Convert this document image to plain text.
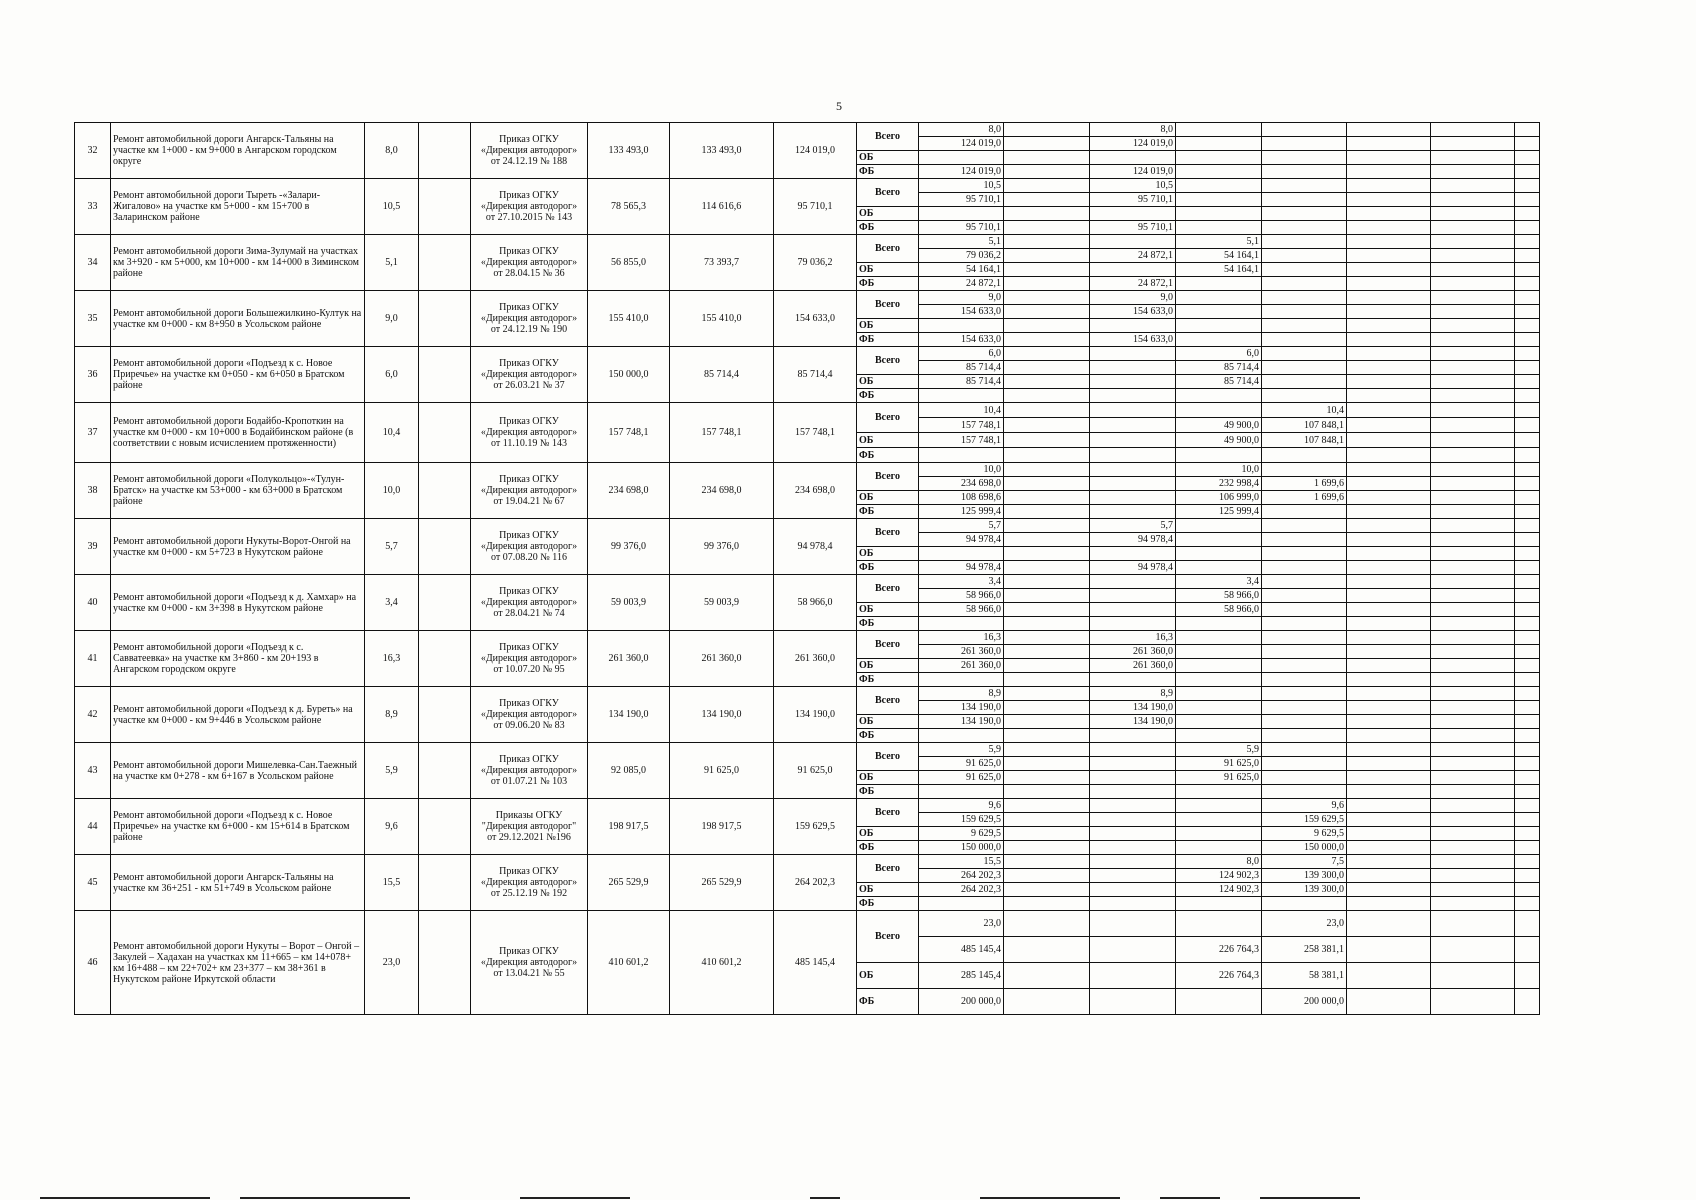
5
32	Ремонт автомобильной дороги Ангарск-Тальяны на участке км 1+000 - км 9+000 в Ангарском городском округе	8,0		Приказ ОГКУ
«Дирекция автодорог»
от 24.12.19 № 188	133 493,0	133 493,0	124 019,0	Всего	8,0		8,0					
									124 019,0		124 019,0					
								ОБ								
								ФБ	124 019,0		124 019,0					
33	Ремонт автомобильной дороги Тыреть -«Залари-Жигалово» на участке км 5+000 - км 15+700 в Заларинском районе	10,5		Приказ ОГКУ
«Дирекция автодорог»
от 27.10.2015 № 143	78 565,3	114 616,6	95 710,1	Всего	10,5		10,5					
									95 710,1		95 710,1					
								ОБ								
								ФБ	95 710,1		95 710,1					
34	Ремонт автомобильной дороги Зима-Зулумай на участках км 3+920 - км 5+000, км 10+000 - км 14+000 в Зиминском районе	5,1		Приказ ОГКУ
«Дирекция автодорог»
от 28.04.15 № 36	56 855,0	73 393,7	79 036,2	Всего	5,1			5,1				
									79 036,2		24 872,1	54 164,1				
								ОБ	54 164,1			54 164,1				
								ФБ	24 872,1		24 872,1					
35	Ремонт автомобильной дороги Большежилкино-Култук на участке км 0+000 - км 8+950 в Усольском районе	9,0		Приказ ОГКУ
«Дирекция автодорог»
от 24.12.19 № 190	155 410,0	155 410,0	154 633,0	Всего	9,0		9,0					
									154 633,0		154 633,0					
								ОБ								
								ФБ	154 633,0		154 633,0					
36	Ремонт автомобильной дороги «Подъезд к с. Новое Приречье» на участке км 0+050 - км 6+050 в Братском районе	6,0		Приказ ОГКУ
«Дирекция автодорог»
от 26.03.21 № 37	150 000,0	85 714,4	85 714,4	Всего	6,0			6,0				
									85 714,4			85 714,4				
								ОБ	85 714,4			85 714,4				
								ФБ								
37	Ремонт автомобильной дороги Бодайбо-Кропоткин на участке км 0+000 - км 10+000 в Бодайбинском районе (в соответствии с новым исчислением протяженности)	10,4		Приказ ОГКУ
«Дирекция автодорог»
от 11.10.19 № 143	157 748,1	157 748,1	157 748,1	Всего	10,4				10,4			
									157 748,1			49 900,0	107 848,1			
								ОБ	157 748,1			49 900,0	107 848,1			
								ФБ								
38	Ремонт автомобильной дороги «Полукольцо»-«Тулун-Братск» на участке км 53+000 - км 63+000 в Братском районе	10,0		Приказ ОГКУ
«Дирекция автодорог»
от 19.04.21 № 67	234 698,0	234 698,0	234 698,0	Всего	10,0			10,0				
									234 698,0			232 998,4	1 699,6			
								ОБ	108 698,6			106 999,0	1 699,6			
								ФБ	125 999,4			125 999,4				
39	Ремонт автомобильной дороги Нукуты-Ворот-Онгой на участке км 0+000 - км 5+723 в Нукутском районе	5,7		Приказ ОГКУ
«Дирекция автодорог»
от 07.08.20 № 116	99 376,0	99 376,0	94 978,4	Всего	5,7		5,7					
									94 978,4		94 978,4					
								ОБ								
								ФБ	94 978,4		94 978,4					
40	Ремонт автомобильной дороги «Подъезд к д. Хамхар» на участке км 0+000 - км 3+398 в Нукутском районе	3,4		Приказ ОГКУ
«Дирекция автодорог»
от 28.04.21 № 74	59 003,9	59 003,9	58 966,0	Всего	3,4			3,4				
									58 966,0			58 966,0				
								ОБ	58 966,0			58 966,0				
								ФБ								
41	Ремонт автомобильной дороги «Подъезд к с. Савватеевка» на участке км 3+860 - км 20+193 в Ангарском городском округе	16,3		Приказ ОГКУ
«Дирекция автодорог»
от 10.07.20 № 95	261 360,0	261 360,0	261 360,0	Всего	16,3		16,3					
									261 360,0		261 360,0					
								ОБ	261 360,0		261 360,0					
								ФБ								
42	Ремонт автомобильной дороги «Подъезд к д. Буреть» на участке км 0+000 - км 9+446 в Усольском районе	8,9		Приказ ОГКУ
«Дирекция автодорог»
от 09.06.20 № 83	134 190,0	134 190,0	134 190,0	Всего	8,9		8,9					
									134 190,0		134 190,0					
								ОБ	134 190,0		134 190,0					
								ФБ								
43	Ремонт автомобильной дороги Мишелевка-Сан.Таежный на участке км 0+278 - км 6+167 в Усольском районе	5,9		Приказ ОГКУ
«Дирекция автодорог»
от 01.07.21 № 103	92 085,0	91 625,0	91 625,0	Всего	5,9			5,9				
									91 625,0			91 625,0				
								ОБ	91 625,0			91 625,0				
								ФБ								
44	Ремонт автомобильной дороги «Подъезд к с. Новое Приречье» на участке км 6+000 - км 15+614 в Братском районе	9,6		Приказы ОГКУ
"Дирекция автодорог"
от 29.12.2021 №196	198 917,5	198 917,5	159 629,5	Всего	9,6				9,6			
									159 629,5				159 629,5			
								ОБ	9 629,5				9 629,5			
								ФБ	150 000,0				150 000,0			
45	Ремонт автомобильной дороги Ангарск-Тальяны на участке км 36+251 - км 51+749 в Усольском районе	15,5		Приказ ОГКУ
«Дирекция автодорог»
от 25.12.19 № 192	265 529,9	265 529,9	264 202,3	Всего	15,5			8,0	7,5			
									264 202,3			124 902,3	139 300,0			
								ОБ	264 202,3			124 902,3	139 300,0			
								ФБ								
46	Ремонт автомобильной дороги Нукуты – Ворот – Онгой – Закулей – Хадахан на участках км 11+665 – км 14+078+ км 16+488 – км 22+702+ км 23+377 – км 38+361 в Нукутском районе Иркутской области	23,0		Приказ ОГКУ
«Дирекция автодорог»
от 13.04.21 № 55	410 601,2	410 601,2	485 145,4	Всего	23,0				23,0			
									485 145,4			226 764,3	258 381,1			
								ОБ	285 145,4			226 764,3	58 381,1			
								ФБ	200 000,0				200 000,0			
